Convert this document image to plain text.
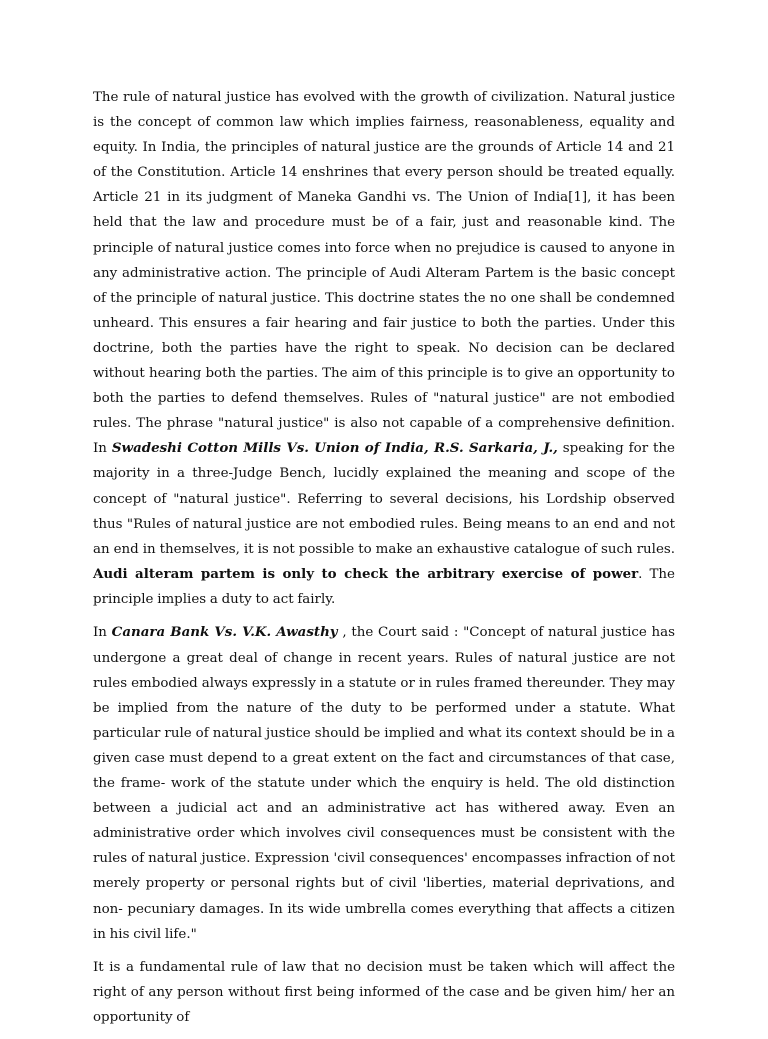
The rule of natural justice has evolved with the growth of civilization. Natural justice is the concept of common law which implies fairness, reasonableness, equality and equity. In India, the principles of natural justice are the grounds of Article 14 and 21 of the Constitution. Article 14 enshrines that every person should be treated equally. Article 21 in its judgment of Maneka Gandhi vs. The Union of India[1], it has been held that the law and procedure must be of a fair, just and reasonable kind. The principle of natural justice comes into force when no prejudice is caused to anyone in any administrative action. The principle of Audi Alteram Partem is the basic concept of the principle of natural justice. This doctrine states the no one shall be condemned unheard. This ensures a fair hearing and fair justice to both the parties. Under this doctrine, both the parties have the right to speak. No decision can be declared without hearing both the parties. The aim of this principle is to give an opportunity to both the parties to defend themselves. Rules of "natural justice" are not embodied rules. The phrase "natural justice" is also not capable of a comprehensive definition. In Swadeshi Cotton Mills Vs. Union of India, R.S. Sarkaria, J., speaking for the majority in a three-Judge Bench, lucidly explained the meaning and scope of the concept of "natural justice". Referring to several decisions, his Lordship observed thus "Rules of natural justice are not embodied rules. Being means to an end and not an end in themselves, it is not possible to make an exhaustive catalogue of such rules. Audi alteram partem is only to check the arbitrary exercise of power. The principle implies a duty to act fairly.

In Canara Bank Vs. V.K. Awasthy , the Court said : "Concept of natural justice has undergone a great deal of change in recent years. Rules of natural justice are not rules embodied always expressly in a statute or in rules framed thereunder. They may be implied from the nature of the duty to be performed under a statute. What particular rule of natural justice should be implied and what its context should be in a given case must depend to a great extent on the fact and circumstances of that case, the frame- work of the statute under which the enquiry is held. The old distinction between a judicial act and an administrative act has withered away. Even an administrative order which involves civil consequences must be consistent with the rules of natural justice. Expression 'civil consequences' encompasses infraction of not merely property or personal rights but of civil 'liberties, material deprivations, and non- pecuniary damages. In its wide umbrella comes everything that affects a citizen in his civil life."

It is a fundamental rule of law that no decision must be taken which will affect the right of any person without first being informed of the case and be given him/ her an opportunity of
